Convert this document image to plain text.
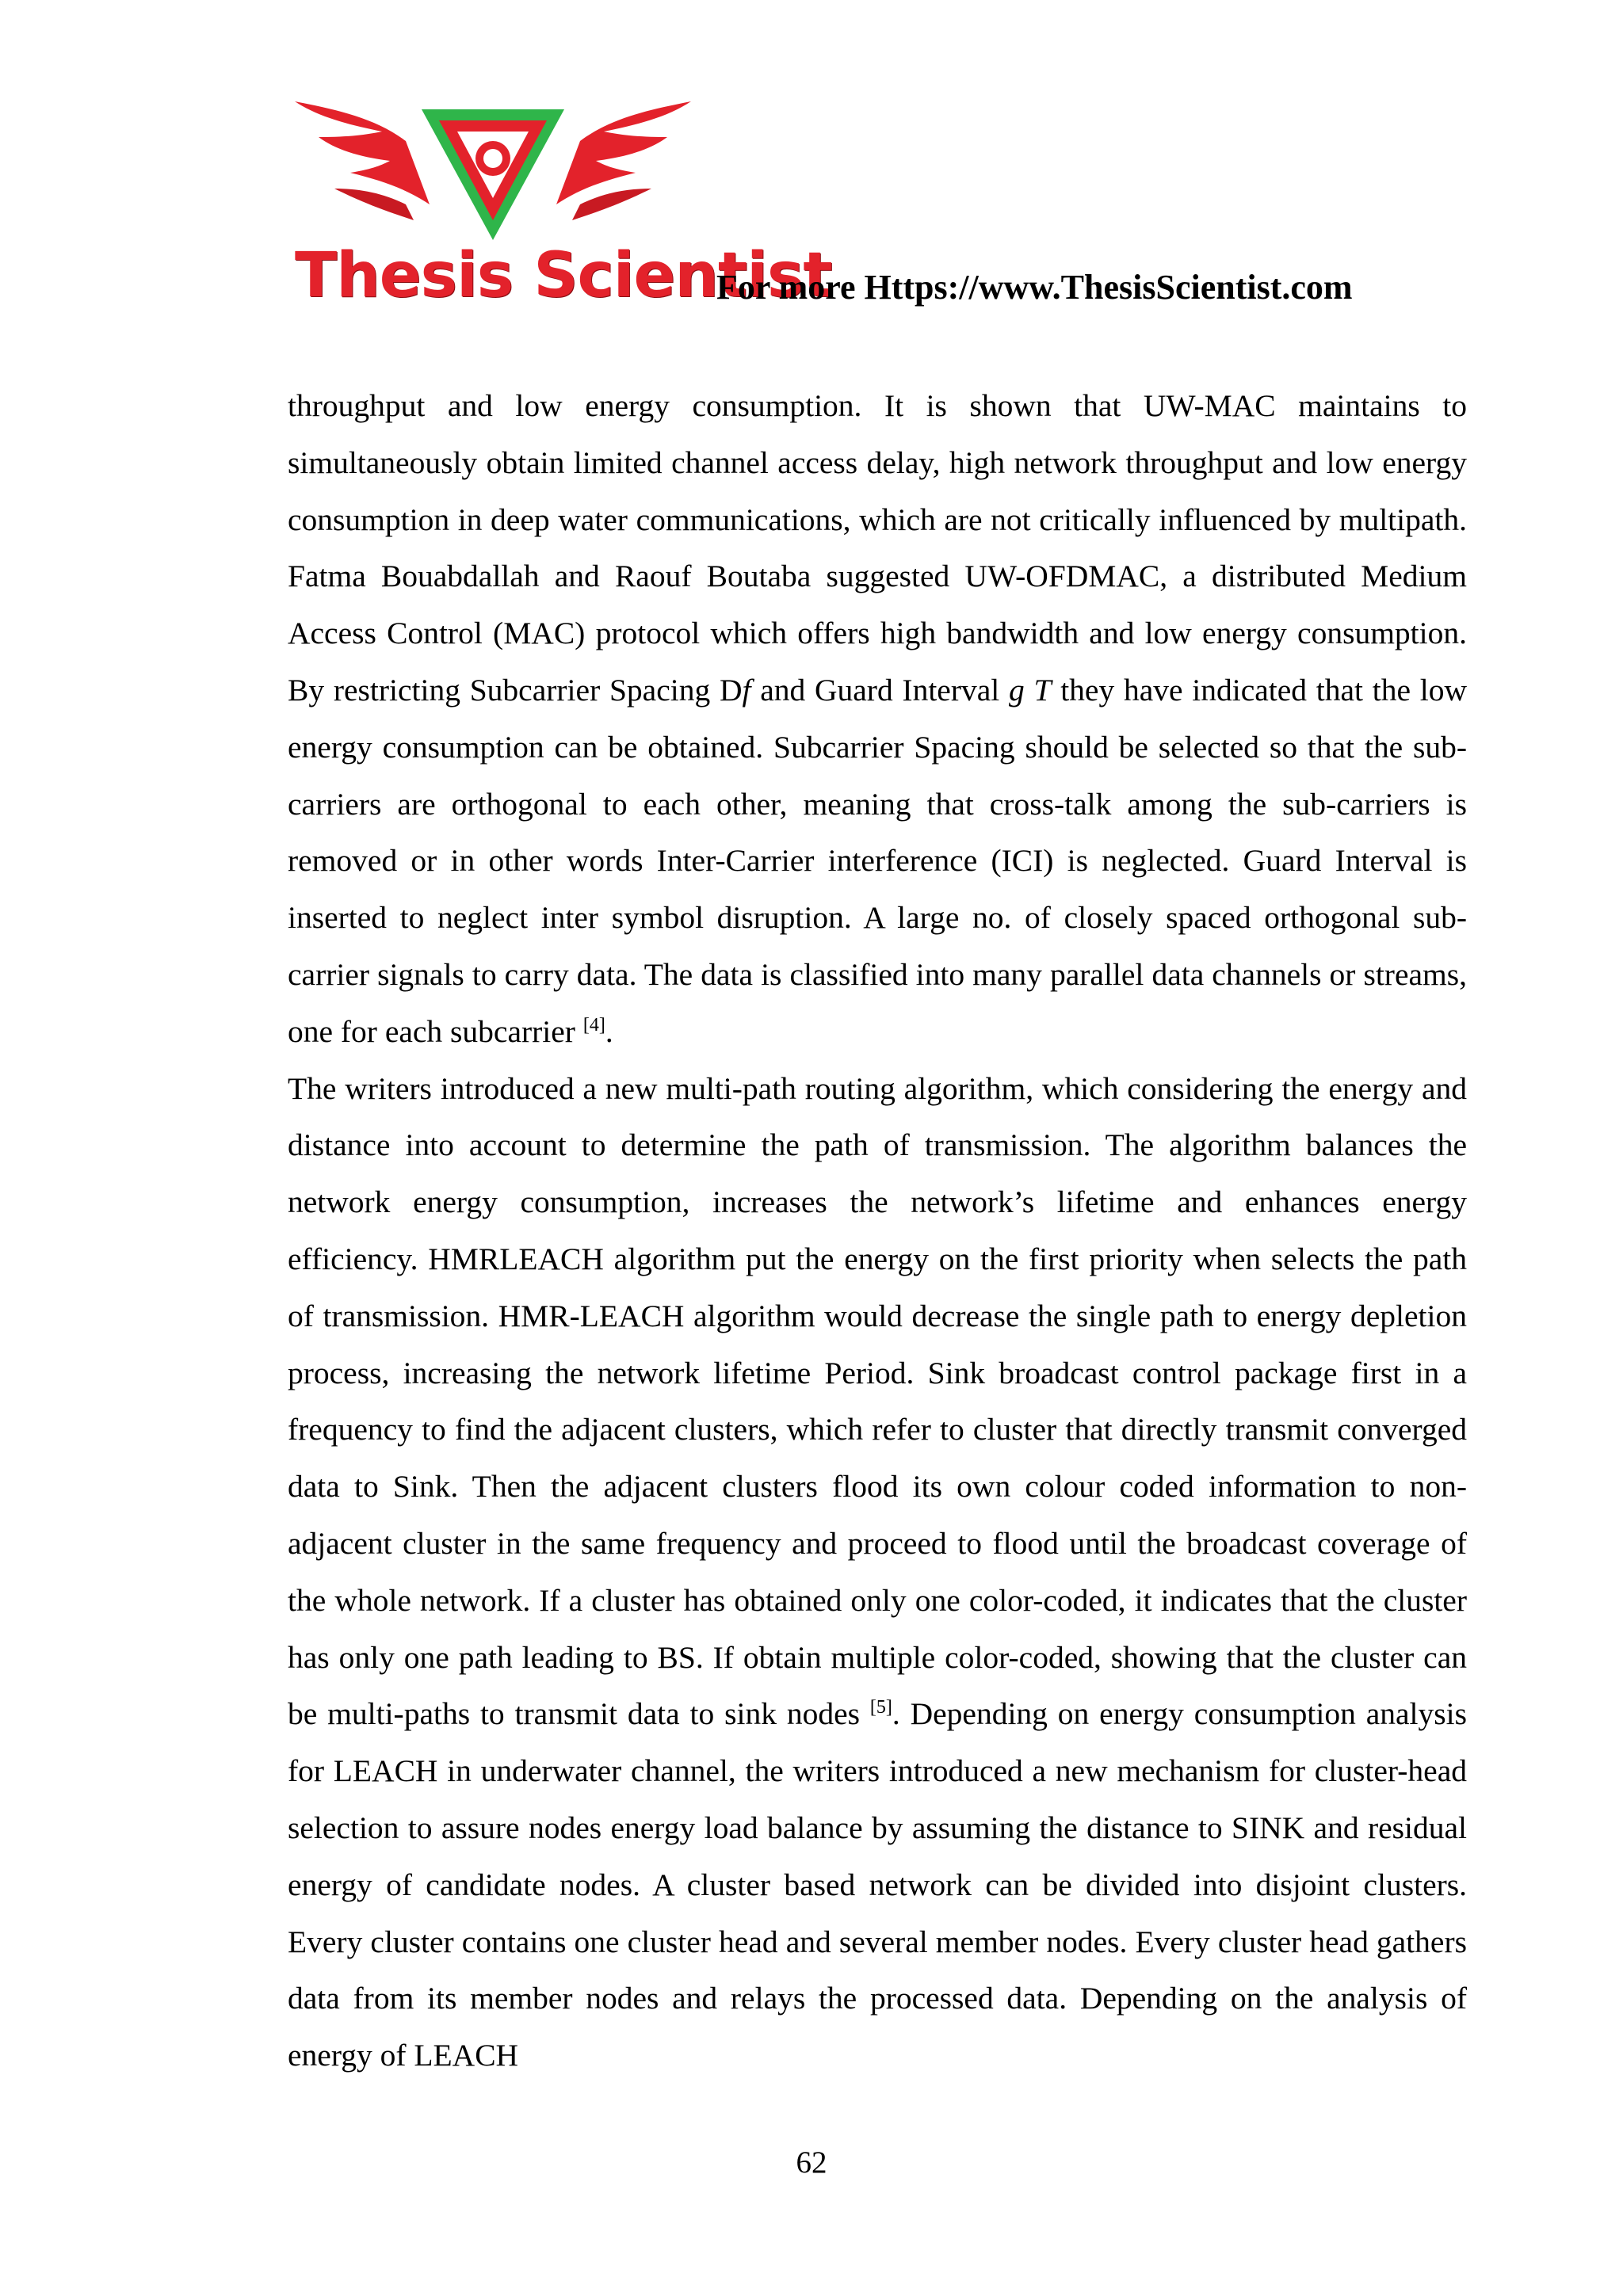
Thesis Scientist
For more Https://www.ThesisScientist.com

throughput and low energy consumption. It is shown that UW-MAC maintains to simultaneously obtain limited channel access delay, high network throughput and low energy consumption in deep water communications, which are not critically influenced by multipath. Fatma Bouabdallah and Raouf Boutaba suggested UW-OFDMAC, a distributed Medium Access Control (MAC) protocol which offers high bandwidth and low energy consumption. By restricting Subcarrier Spacing Df and Guard Interval g T they have indicated that the low energy consumption can be obtained. Subcarrier Spacing should be selected so that the sub-carriers are orthogonal to each other, meaning that cross-talk among the sub-carriers is removed or in other words Inter-Carrier interference (ICI) is neglected. Guard Interval is inserted to neglect inter symbol disruption. A large no. of closely spaced orthogonal sub-carrier signals to carry data. The data is classified into many parallel data channels or streams, one for each subcarrier [4].

The writers introduced a new multi-path routing algorithm, which considering the energy and distance into account to determine the path of transmission. The algorithm balances the network energy consumption, increases the network’s lifetime and enhances energy efficiency. HMRLEACH algorithm put the energy on the first priority when selects the path of transmission. HMR-LEACH algorithm would decrease the single path to energy depletion process, increasing the network lifetime Period. Sink broadcast control package first in a frequency to find the adjacent clusters, which refer to cluster that directly transmit converged data to Sink. Then the adjacent clusters flood its own colour coded information to non-adjacent cluster in the same frequency and proceed to flood until the broadcast coverage of the whole network. If a cluster has obtained only one color-coded, it indicates that the cluster has only one path leading to BS. If obtain multiple color-coded, showing that the cluster can be multi-paths to transmit data to sink nodes [5]. Depending on energy consumption analysis for LEACH in underwater channel, the writers introduced a new mechanism for cluster-head selection to assure nodes energy load balance by assuming the distance to SINK and residual energy of candidate nodes. A cluster based network can be divided into disjoint clusters. Every cluster contains one cluster head and several member nodes. Every cluster head gathers data from its member nodes and relays the processed data. Depending on the analysis of energy of LEACH

62
